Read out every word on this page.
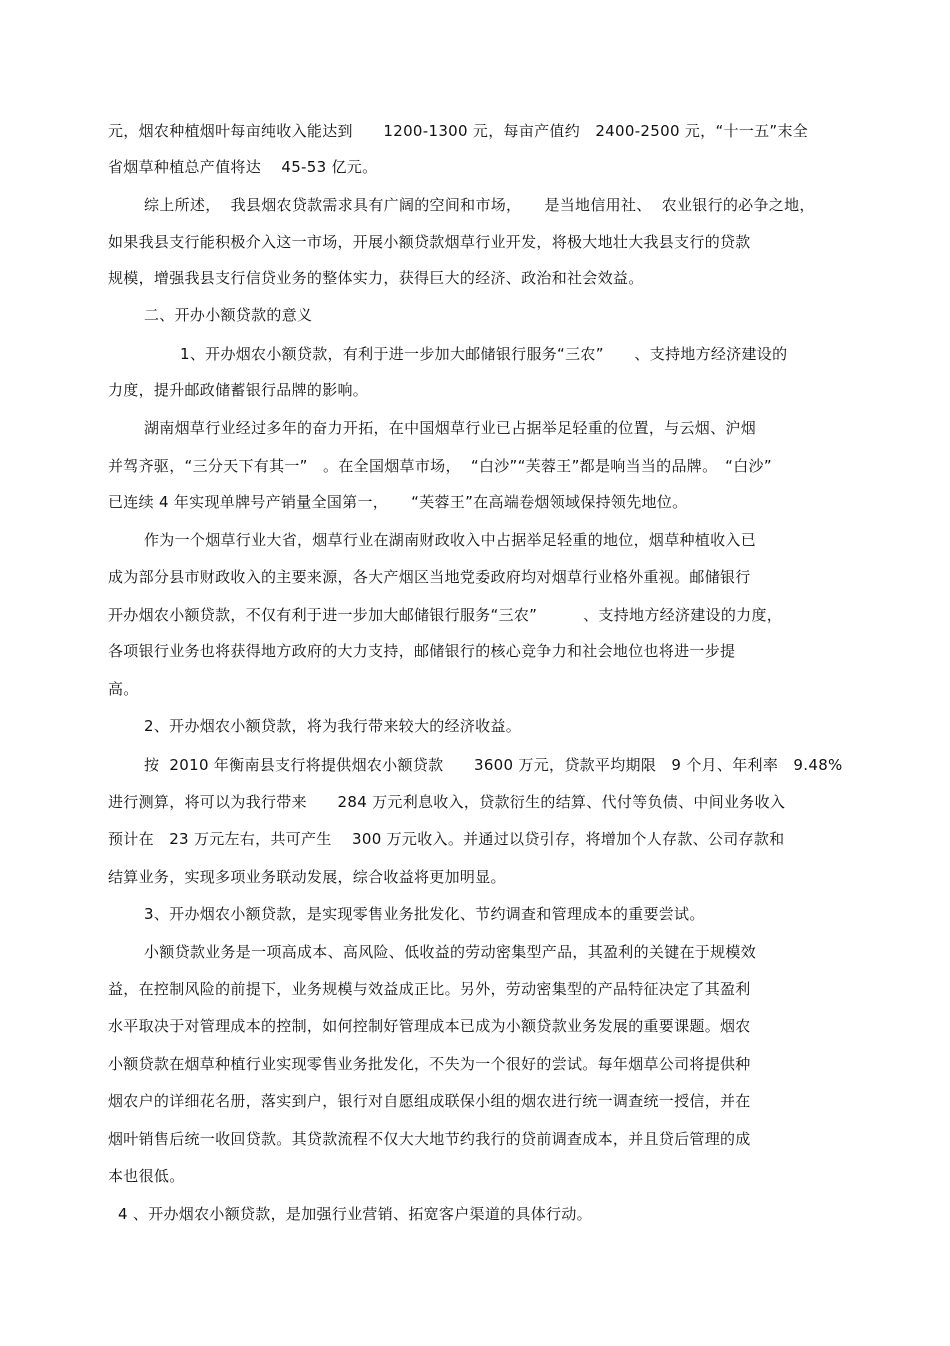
元，烟农种植烟叶每亩纯收入能达到　　1200-1300 元，每亩产值约　2400-2500 元，“十一五”末全
省烟草种植总产值将达　 45-53 亿元。
综上所述，  我县烟农贷款需求具有广阔的空间和市场，　　是当地信用社、  农业银行的必争之地，
如果我县支行能积极介入这一市场，开展小额贷款烟草行业开发，将极大地壮大我县支行的贷款
规模，增强我县支行信贷业务的整体实力，获得巨大的经济、政治和社会效益。
二、开办小额贷款的意义
1、开办烟农小额贷款，有利于进一步加大邮储银行服务“三农”　　、支持地方经济建设的
力度，提升邮政储蓄银行品牌的影响。
湖南烟草行业经过多年的奋力开拓，在中国烟草行业已占据举足轻重的位置，与云烟、沪烟
并驾齐驱，“三分天下有其一”　。在全国烟草市场，  “白沙”“芙蓉王”都是响当当的品牌。　“白沙”
已连续 4 年实现单牌号产销量全国第一，　　“芙蓉王”在高端卷烟领域保持领先地位。
作为一个烟草行业大省，烟草行业在湖南财政收入中占据举足轻重的地位，烟草种植收入已
成为部分县市财政收入的主要来源，各大产烟区当地党委政府均对烟草行业格外重视。邮储银行
开办烟农小额贷款，不仅有利于进一步加大邮储银行服务“三农”　　　、支持地方经济建设的力度，
各项银行业务也将获得地方政府的大力支持，邮储银行的核心竞争力和社会地位也将进一步提
高。
2、开办烟农小额贷款，将为我行带来较大的经济收益。
按  2010 年衡南县支行将提供烟农小额贷款　　3600 万元，贷款平均期限　9 个月、年利率　9.48%
进行测算，将可以为我行带来　　284 万元利息收入，贷款衍生的结算、代付等负债、中间业务收入
预计在　23 万元左右，共可产生　 300 万元收入。并通过以贷引存，将增加个人存款、公司存款和
结算业务，实现多项业务联动发展，综合收益将更加明显。
3、开办烟农小额贷款，是实现零售业务批发化、节约调查和管理成本的重要尝试。
小额贷款业务是一项高成本、高风险、低收益的劳动密集型产品，其盈利的关键在于规模效
益，在控制风险的前提下，业务规模与效益成正比。另外，劳动密集型的产品特征决定了其盈利
水平取决于对管理成本的控制，如何控制好管理成本已成为小额贷款业务发展的重要课题。烟农
小额贷款在烟草种植行业实现零售业务批发化，不失为一个很好的尝试。每年烟草公司将提供种
烟农户的详细花名册，落实到户，银行对自愿组成联保小组的烟农进行统一调查统一授信，并在
烟叶销售后统一收回贷款。其贷款流程不仅大大地节约我行的贷前调查成本，并且贷后管理的成
本也很低。
4 、开办烟农小额贷款，是加强行业营销、拓宽客户渠道的具体行动。
